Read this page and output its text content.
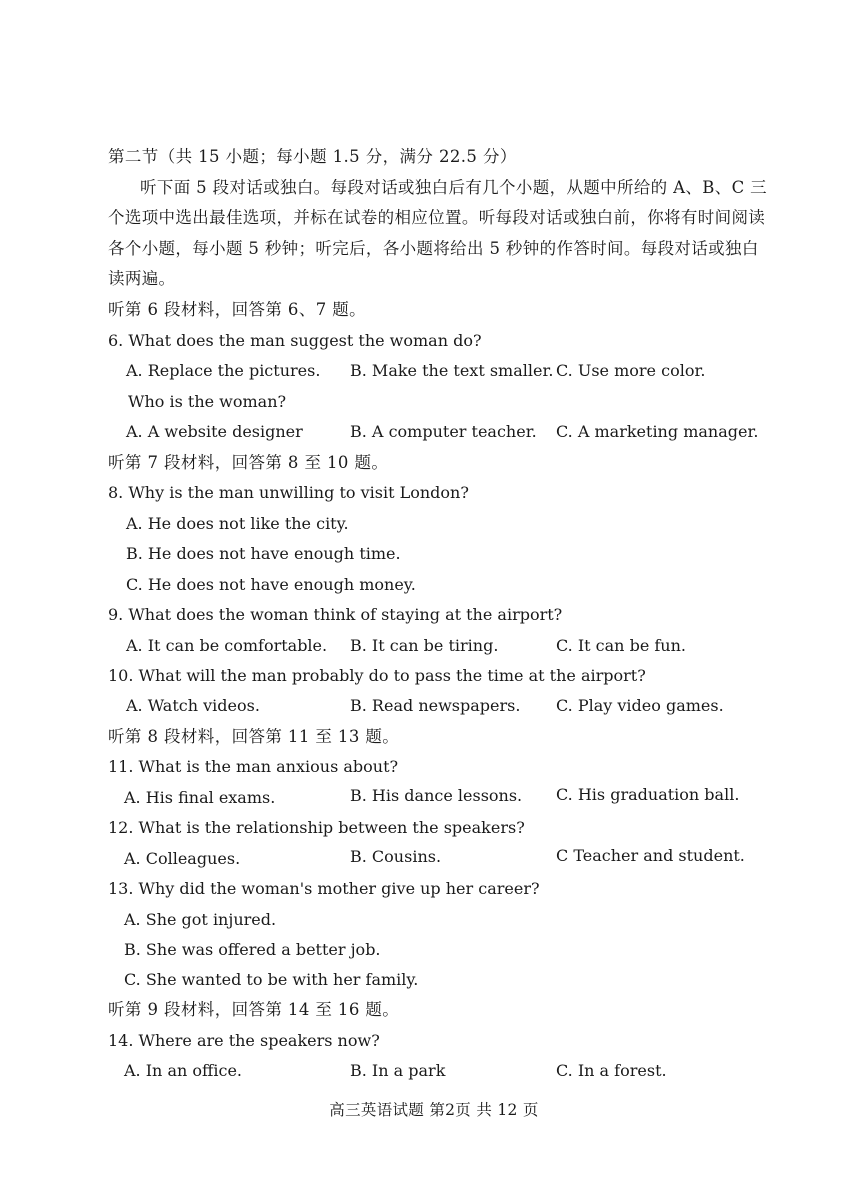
第二节（共 15 小题；每小题 1.5 分，满分 22.5 分）
听下面 5 段对话或独白。每段对话或独白后有几个小题，从题中所给的 A、B、C 三
个选项中选出最佳选项，并标在试卷的相应位置。听每段对话或独白前，你将有时间阅读
各个小题，每小题 5 秒钟；听完后，各小题将给出 5 秒钟的作答时间。每段对话或独白
读两遍。
听第 6 段材料，回答第 6、7 题。
6. What does the man suggest the woman do?
A. Replace the pictures. B. Make the text smaller. C. Use more color.
Who is the woman?
A. A website designer	B. A computer teacher. C. A marketing manager.
听第 7 段材料，回答第 8 至 10 题。
8. Why is the man unwilling to visit London?
A. He does not like the city.
B. He does not have enough time.
C. He does not have enough money.
9. What does the woman think of staying at the airport?
A. It can be comfortable. B. It can be tiring.	C. It can be fun.
10. What will the man probably do to pass the time at the airport?
A. Watch videos.	B. Read newspapers. C. Play video games.
听第 8 段材料，回答第 11 至 13 题。
11. What is the man anxious about?
A. His final exams.	B. His dance lessons. C. His graduation ball.
12. What is the relationship between the speakers?
A. Colleagues.	B. Cousins.	C Teacher and student.
13. Why did the woman's mother give up her career?
A. She got injured.
B. She was offered a better job.
C. She wanted to be with her family.
听第 9 段材料，回答第 14 至 16 题。
14. Where are the speakers now?
A. In an office.	B. In a park	C. In a forest.
高三英语试题 第2页 共 12 页
